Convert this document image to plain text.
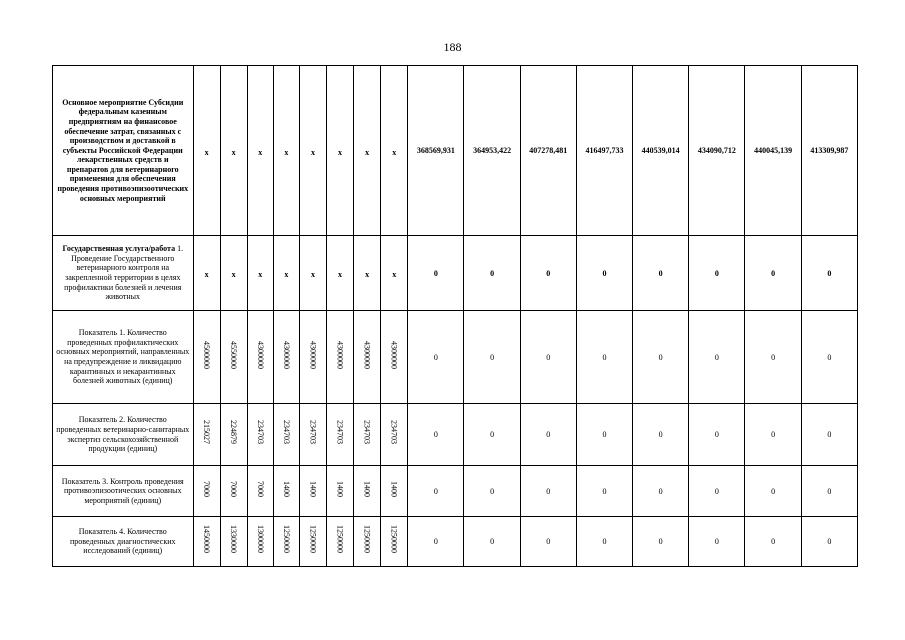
188
Основное мероприятие Субсидии федеральным казенным предприятиям на финансовое обеспечение затрат, связанных с производством и доставкой в субъекты Российской Федерации лекарственных средств и препаратов для ветеринарного применения для обеспечения проведения противоэпизоотических основных мероприятий	x	x	x	x	x	x	x	x	368569,931	364953,422	407278,481	416497,733	440539,014	434090,712	440045,139	413309,987
Государственная услуга/работа 1. Проведение Государственного ветеринарного контроля на закрепленной территории в целях профилактики болезней и лечения животных	x	x	x	x	x	x	x	x	0	0	0	0	0	0	0	0
Показатель 1. Количество проведенных профилактических основных мероприятий, направленных на предупреждение и ликвидацию карантинных и некарантинных болезней животных (единиц)	4500000	4550000	4300000	4300000	4300000	4300000	4300000	4300000	0	0	0	0	0	0	0	0
Показатель 2. Количество проведенных ветеринарно-санитарных экспертиз сельскохозяйственной продукции (единиц)	215027	224879	234703	234703	234703	234703	234703	234703	0	0	0	0	0	0	0	0
Показатель 3. Контроль проведения противоэпизоотических основных мероприятий (единиц)	7000	7000	7000	1400	1400	1400	1400	1400	0	0	0	0	0	0	0	0
Показатель 4. Количество проведенных диагностических исследований (единиц)	1450000	1330000	1300000	1250000	1250000	1250000	1250000	1250000	0	0	0	0	0	0	0	0
